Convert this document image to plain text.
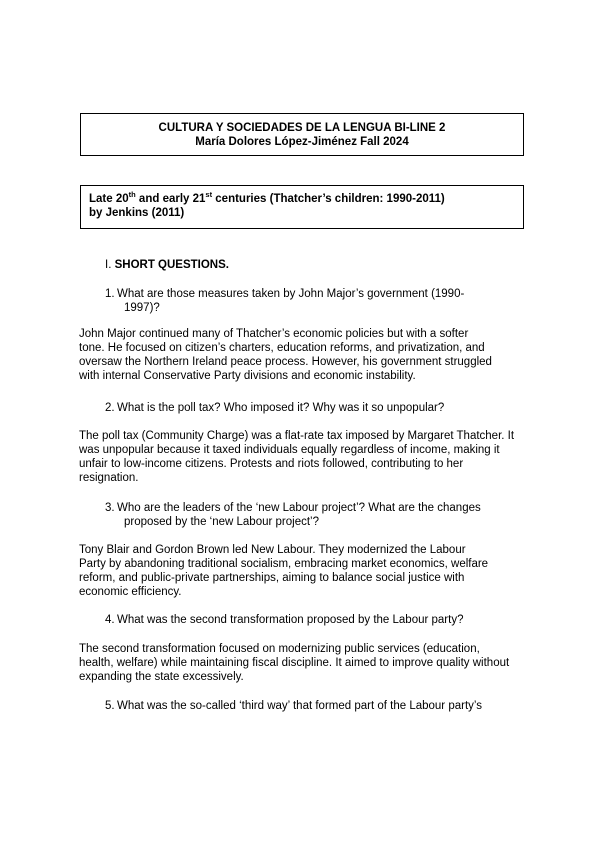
CULTURA Y SOCIEDADES DE LA LENGUA BI-LINE 2
María Dolores López-Jiménez Fall 2024
Late 20th and early 21st centuries (Thatcher’s children: 1990-2011)
by Jenkins (2011)
I. SHORT QUESTIONS.
1. What are those measures taken by John Major’s government (1990-
1997)?
John Major continued many of Thatcher’s economic policies but with a softer
tone. He focused on citizen’s charters, education reforms, and privatization, and
oversaw the Northern Ireland peace process. However, his government struggled
with internal Conservative Party divisions and economic instability.
2. What is the poll tax? Who imposed it? Why was it so unpopular?
The poll tax (Community Charge) was a flat-rate tax imposed by Margaret Thatcher. It
was unpopular because it taxed individuals equally regardless of income, making it
unfair to low-income citizens. Protests and riots followed, contributing to her
resignation.
3. Who are the leaders of the ‘new Labour project’? What are the changes
proposed by the ‘new Labour project’?
Tony Blair and Gordon Brown led New Labour. They modernized the Labour
Party by abandoning traditional socialism, embracing market economics, welfare
reform, and public-private partnerships, aiming to balance social justice with
economic efficiency.
4. What was the second transformation proposed by the Labour party?
The second transformation focused on modernizing public services (education,
health, welfare) while maintaining fiscal discipline. It aimed to improve quality without
expanding the state excessively.
5. What was the so-called ‘third way’ that formed part of the Labour party’s
